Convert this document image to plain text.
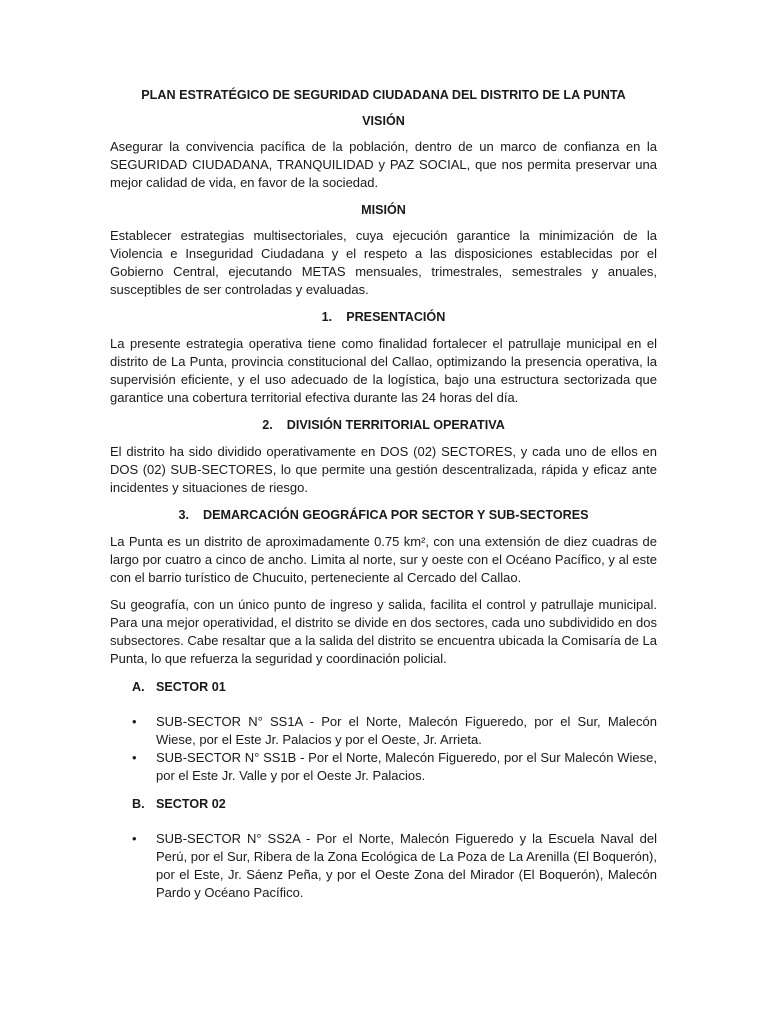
PLAN ESTRATÉGICO DE SEGURIDAD CIUDADANA DEL DISTRITO DE LA PUNTA
VISIÓN

Asegurar la convivencia pacífica de la población, dentro de un marco de confianza en la SEGURIDAD CIUDADANA, TRANQUILIDAD y PAZ SOCIAL, que nos permita preservar una mejor calidad de vida, en favor de la sociedad.

MISIÓN

Establecer estrategias multisectoriales, cuya ejecución garantice la minimización de la Violencia e Inseguridad Ciudadana y el respeto a las disposiciones establecidas por el Gobierno Central, ejecutando METAS mensuales, trimestrales, semestrales y anuales, susceptibles de ser controladas y evaluadas.

1. PRESENTACIÓN

La presente estrategia operativa tiene como finalidad fortalecer el patrullaje municipal en el distrito de La Punta, provincia constitucional del Callao, optimizando la presencia operativa, la supervisión eficiente, y el uso adecuado de la logística, bajo una estructura sectorizada que garantice una cobertura territorial efectiva durante las 24 horas del día.

2. DIVISIÓN TERRITORIAL OPERATIVA

El distrito ha sido dividido operativamente en DOS (02) SECTORES, y cada uno de ellos en DOS (02) SUB-SECTORES, lo que permite una gestión descentralizada, rápida y eficaz ante incidentes y situaciones de riesgo.

3. DEMARCACIÓN GEOGRÁFICA POR SECTOR Y SUB-SECTORES

La Punta es un distrito de aproximadamente 0.75 km², con una extensión de diez cuadras de largo por cuatro a cinco de ancho. Limita al norte, sur y oeste con el Océano Pacífico, y al este con el barrio turístico de Chucuito, perteneciente al Cercado del Callao.

Su geografía, con un único punto de ingreso y salida, facilita el control y patrullaje municipal. Para una mejor operatividad, el distrito se divide en dos sectores, cada uno subdividido en dos subsectores. Cabe resaltar que a la salida del distrito se encuentra ubicada la Comisaría de La Punta, lo que refuerza la seguridad y coordinación policial.

A. SECTOR 01
• SUB-SECTOR N° SS1A - Por el Norte, Malecón Figueredo, por el Sur, Malecón Wiese, por el Este Jr. Palacios y por el Oeste, Jr. Arrieta.
• SUB-SECTOR N° SS1B - Por el Norte, Malecón Figueredo, por el Sur Malecón Wiese, por el Este Jr. Valle y por el Oeste Jr. Palacios.
B. SECTOR 02
• SUB-SECTOR N° SS2A - Por el Norte, Malecón Figueredo y la Escuela Naval del Perú, por el Sur, Ribera de la Zona Ecológica de La Poza de La Arenilla (El Boquerón), por el Este, Jr. Sáenz Peña, y por el Oeste Zona del Mirador (El Boquerón), Malecón Pardo y Océano Pacífico.
